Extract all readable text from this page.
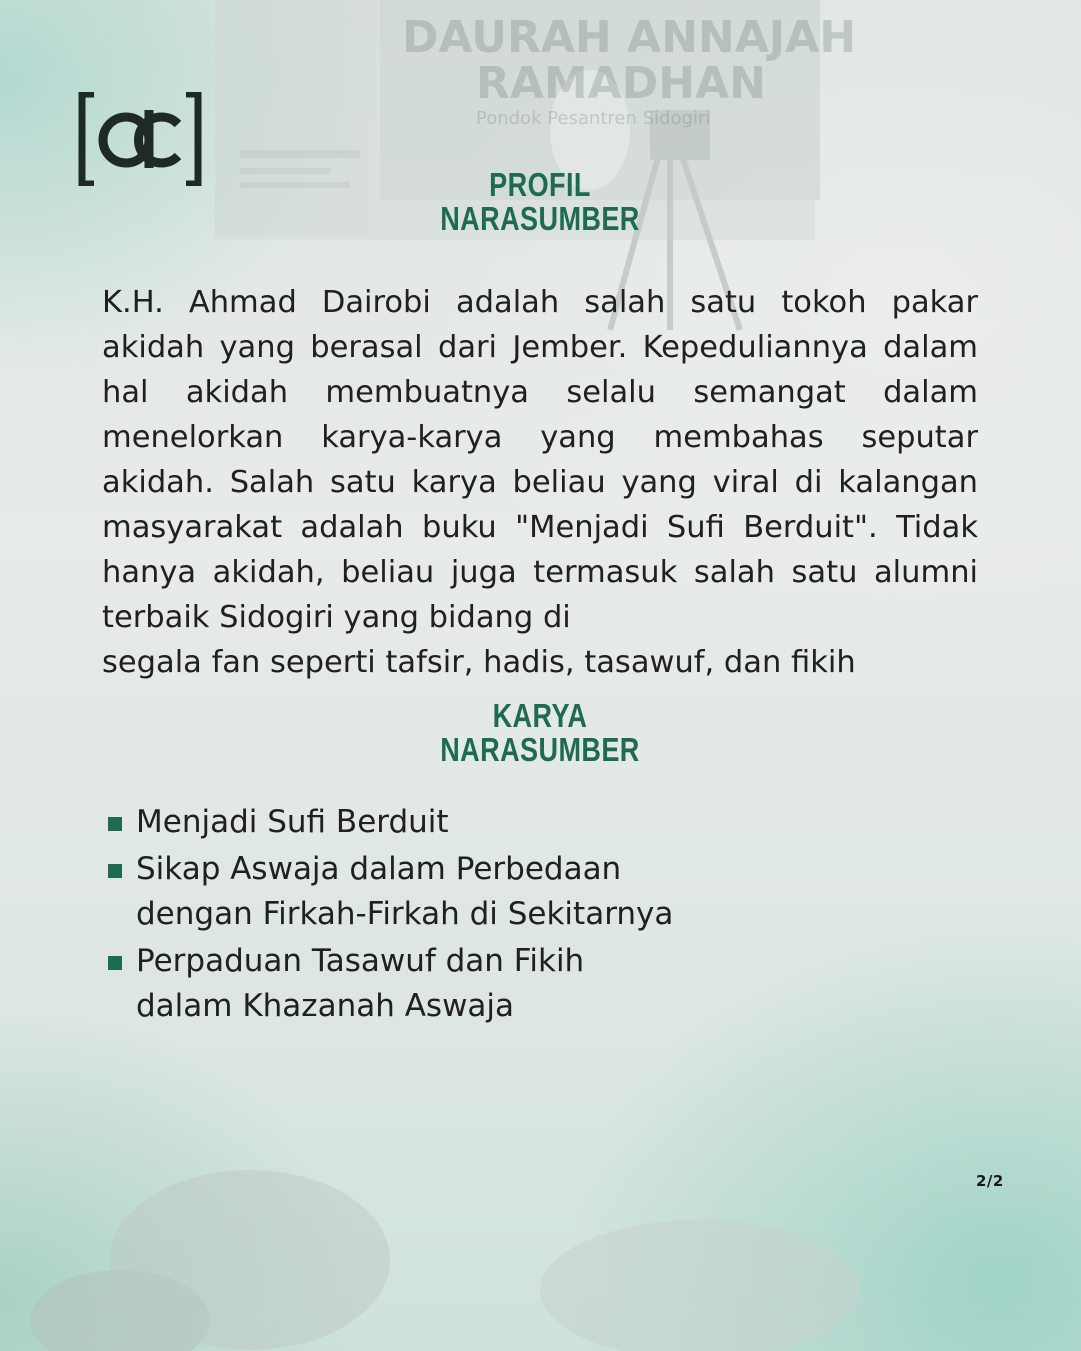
DAURAH ANNAJAH
RAMADHAN
Pondok Pesantren Sidogiri
PROFIL
NARASUMBER
K.H. Ahmad Dairobi adalah salah satu tokoh pakar akidah yang berasal dari Jember. Kepeduliannya dalam hal akidah membuatnya selalu semangat dalam menelorkan karya-karya yang membahas seputar akidah. Salah satu karya beliau yang viral di kalangan masyarakat adalah buku "Menjadi Sufi Berduit". Tidak hanya akidah, beliau juga termasuk salah satu alumni terbaik Sidogiri yang bidang di
segala fan seperti tafsir, hadis, tasawuf, dan fikih
KARYA
NARASUMBER
Menjadi Sufi Berduit
Sikap Aswaja dalam Perbedaan
dengan Firkah-Firkah di Sekitarnya
Perpaduan Tasawuf dan Fikih
dalam Khazanah Aswaja
2/2
